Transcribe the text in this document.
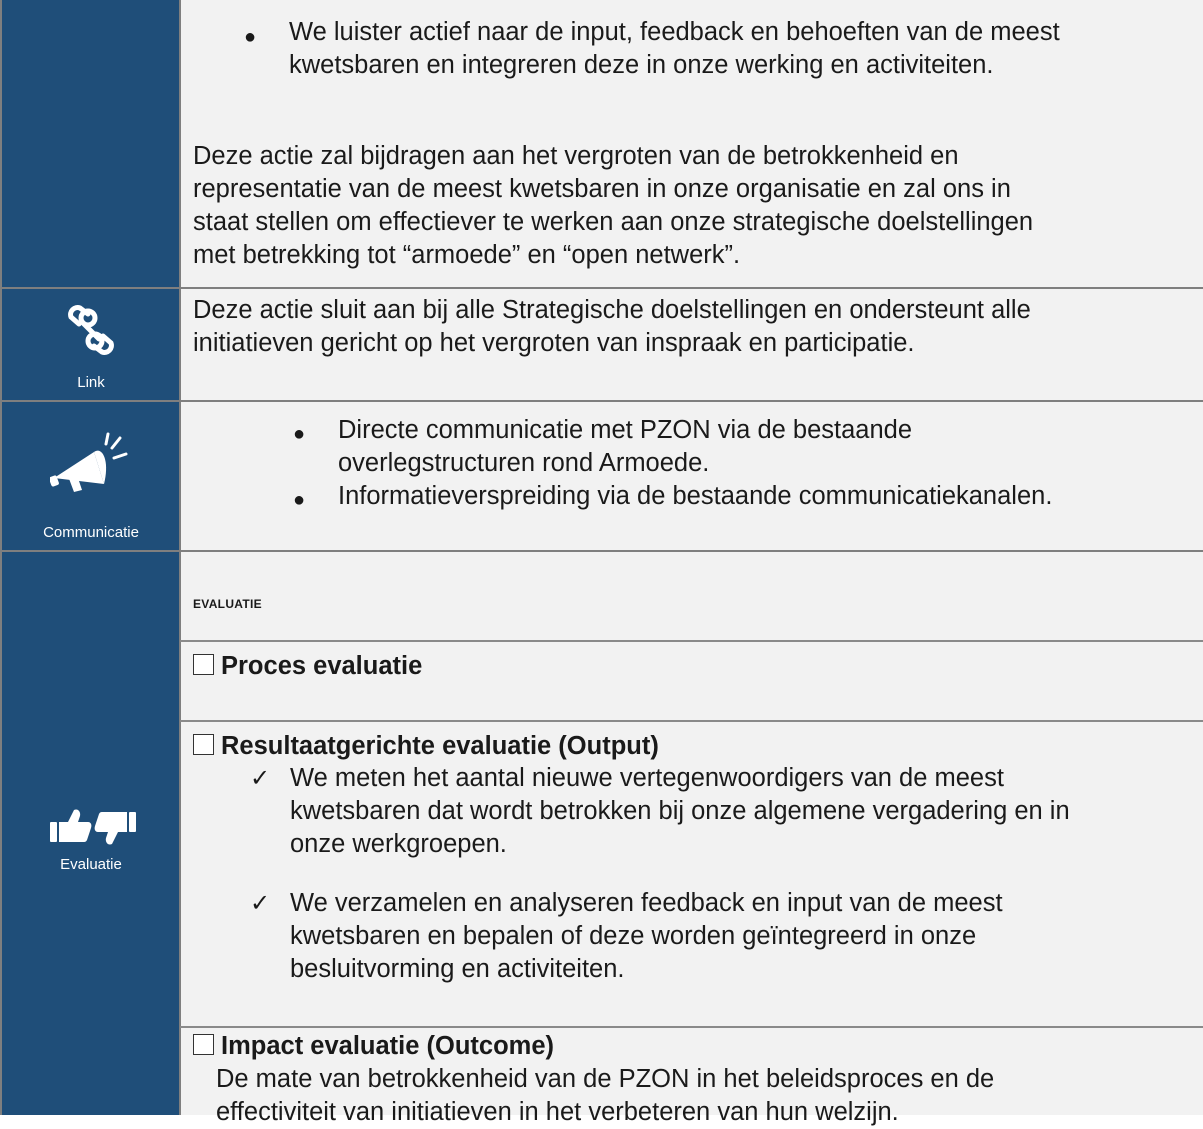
● We luister actief naar de input, feedback en behoeften van de meest

kwetsbaren en integreren deze in onze werking en activiteiten.

Deze actie zal bijdragen aan het vergroten van de betrokkenheid en

representatie van de meest kwetsbaren in onze organisatie en zal ons in

staat stellen om effectiever te werken aan onze strategische doelstellingen

met betrekking tot “armoede” en “open netwerk”.

Link

Deze actie sluit aan bij alle Strategische doelstellingen en ondersteunt alle

initiatieven gericht op het vergroten van inspraak en participatie.

Communicatie
● Directe communicatie met PZON via de bestaande

overlegstructuren rond Armoede.

● Informatieverspreiding via de bestaande communicatiekanalen.
Evaluatie
EVALUATIE
Proces evaluatie
Resultaatgerichte evaluatie (Output)
✓ We meten het aantal nieuwe vertegenwoordigers van de meest

kwetsbaren dat wordt betrokken bij onze algemene vergadering en in

onze werkgroepen.

✓ We verzamelen en analyseren feedback en input van de meest

kwetsbaren en bepalen of deze worden geïntegreerd in onze

besluitvorming en activiteiten.

Impact evaluatie (Outcome)

De mate van betrokkenheid van de PZON in het beleidsproces en de

effectiviteit van initiatieven in het verbeteren van hun welzijn.
